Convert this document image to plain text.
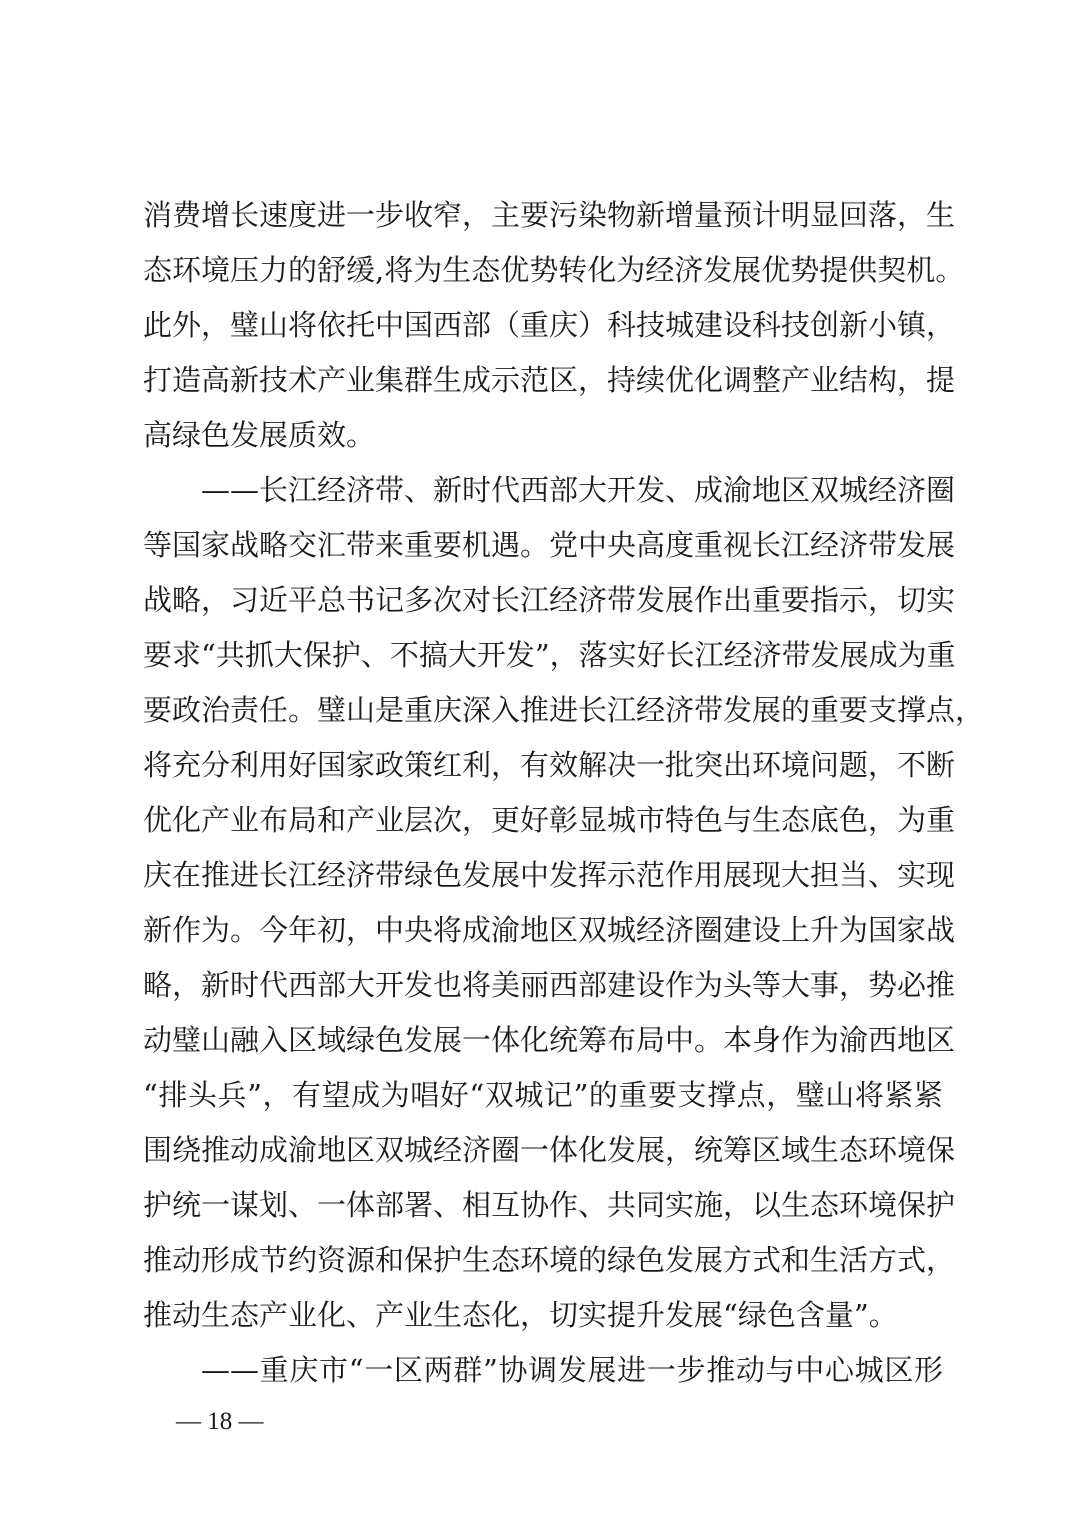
消费增长速度进一步收窄，主要污染物新增量预计明显回落，生
态环境压力的舒缓,将为生态优势转化为经济发展优势提供契机。
此外，璧山将依托中国西部（重庆）科技城建设科技创新小镇，
打造高新技术产业集群生成示范区，持续优化调整产业结构，提
高绿色发展质效。
——长江经济带、新时代西部大开发、成渝地区双城经济圈
等国家战略交汇带来重要机遇。党中央高度重视长江经济带发展
战略，习近平总书记多次对长江经济带发展作出重要指示，切实
要求“共抓大保护、不搞大开发”，落实好长江经济带发展成为重
要政治责任。璧山是重庆深入推进长江经济带发展的重要支撑点，
将充分利用好国家政策红利，有效解决一批突出环境问题，不断
优化产业布局和产业层次，更好彰显城市特色与生态底色，为重
庆在推进长江经济带绿色发展中发挥示范作用展现大担当、实现
新作为。今年初，中央将成渝地区双城经济圈建设上升为国家战
略，新时代西部大开发也将美丽西部建设作为头等大事，势必推
动璧山融入区域绿色发展一体化统筹布局中。本身作为渝西地区
“排头兵”，有望成为唱好“双城记”的重要支撑点，璧山将紧紧
围绕推动成渝地区双城经济圈一体化发展，统筹区域生态环境保
护统一谋划、一体部署、相互协作、共同实施，以生态环境保护
推动形成节约资源和保护生态环境的绿色发展方式和生活方式，
推动生态产业化、产业生态化，切实提升发展“绿色含量”。
——重庆市“一区两群”协调发展进一步推动与中心城区形
— 18 —
